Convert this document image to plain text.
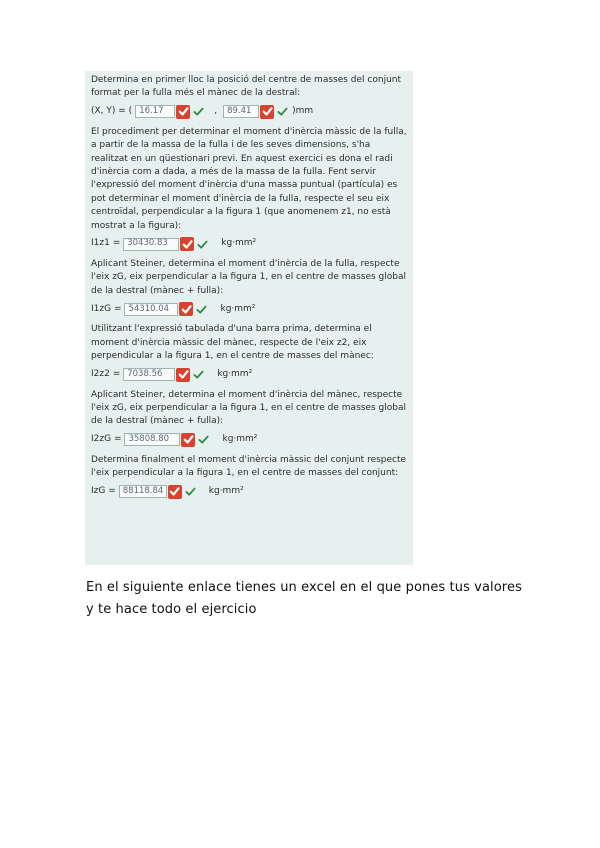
Determina en primer lloc la posició del centre de masses del conjunt format per la fulla més el mànec de la destral:

(X, Y) = ( 16.17	,	89.41	)mm

El procediment per determinar el moment d'inèrcia màssic de la fulla, a partir de la massa de la fulla i de les seves dimensions, s'ha realitzat en un qüestionari previ. En aquest exercici es dona el radi d'inèrcia com a dada, a més de la massa de la fulla. Fent servir l'expressió del moment d'inèrcia d'una massa puntual (partícula) es pot determinar el moment d'inèrcia de la fulla, respecte el seu eix centroïdal, perpendicular a la figura 1 (que anomenem z1, no està mostrat a la figura):

I1z1 = 30430.83	kg·mm²

Aplicant Steiner, determina el moment d'inèrcia de la fulla, respecte l'eix zG, eix perpendicular a la figura 1, en el centre de masses global de la destral (mànec + fulla):

I1zG = 54310.04	kg·mm²

Utilitzant l'expressió tabulada d'una barra prima, determina el moment d'inèrcia màssic del mànec, respecte de l'eix z2, eix perpendicular a la figura 1, en el centre de masses del mànec:

I2z2 = 7038.56	kg·mm²

Aplicant Steiner, determina el moment d'inèrcia del mànec, respecte l'eix zG, eix perpendicular a la figura 1, en el centre de masses global de la destral (mànec + fulla):

I2zG = 35808.80	kg·mm²

Determina finalment el moment d'inèrcia màssic del conjunt respecte l'eix perpendicular a la figura 1, en el centre de masses del conjunt:

IzG = 88118.84	kg·mm²
En el siguiente enlace tienes un excel en el que pones tus valores y te hace todo el ejercicio
